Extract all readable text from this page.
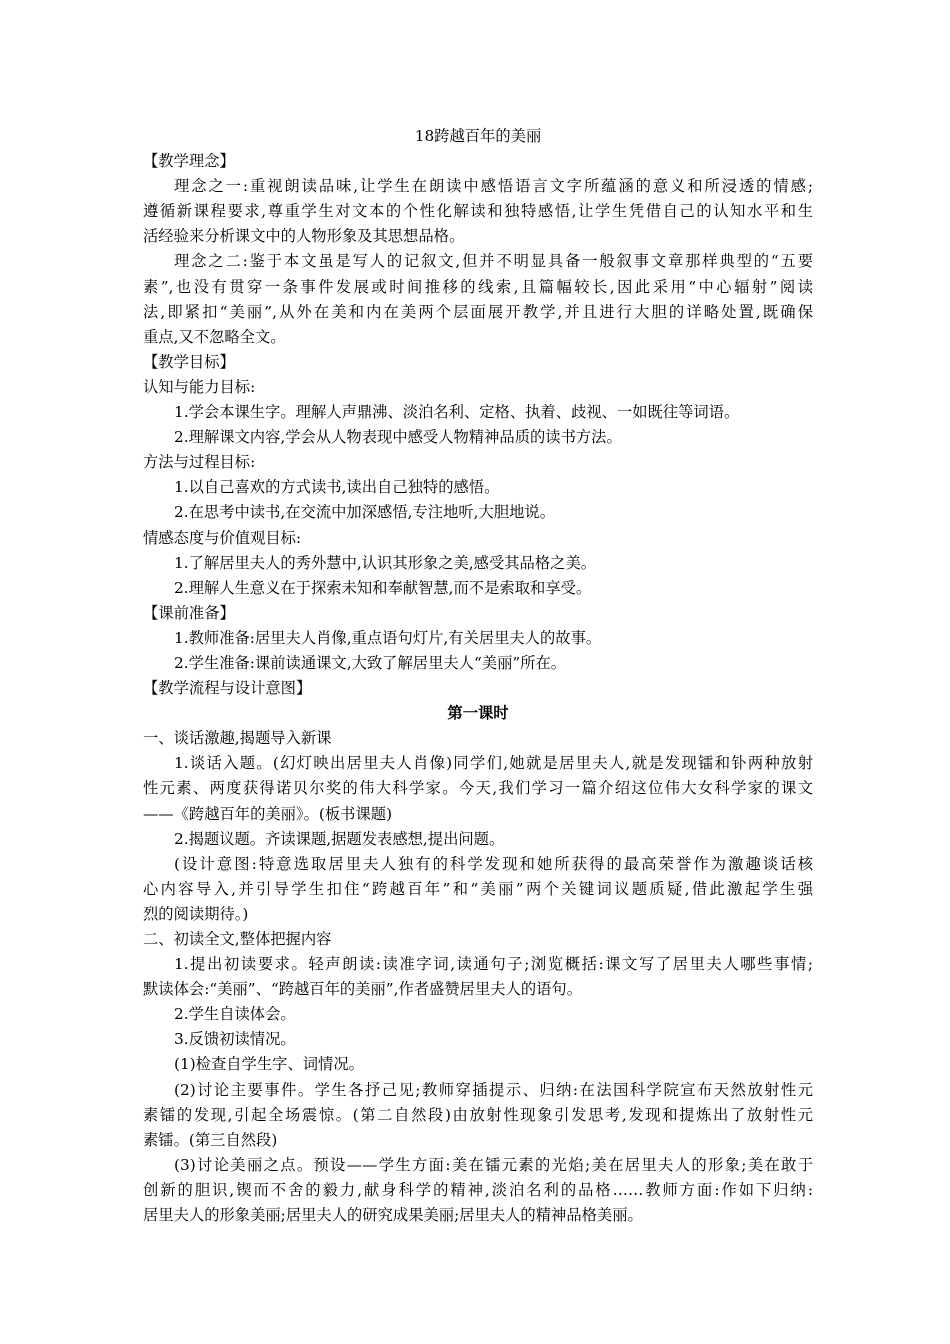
18跨越百年的美丽
【教学理念】
理念之一:重视朗读品味,让学生在朗读中感悟语言文字所蕴涵的意义和所浸透的情感;
遵循新课程要求,尊重学生对文本的个性化解读和独特感悟,让学生凭借自己的认知水平和生
活经验来分析课文中的人物形象及其思想品格。
理念之二:鉴于本文虽是写人的记叙文,但并不明显具备一般叙事文章那样典型的“五要
素”,也没有贯穿一条事件发展或时间推移的线索,且篇幅较长,因此采用“中心辐射”阅读
法,即紧扣“美丽”,从外在美和内在美两个层面展开教学,并且进行大胆的详略处置,既确保
重点,又不忽略全文。
【教学目标】
认知与能力目标:
1.学会本课生字。理解人声鼎沸、淡泊名利、定格、执着、歧视、一如既往等词语。
2.理解课文内容,学会从人物表现中感受人物精神品质的读书方法。
方法与过程目标:
1.以自己喜欢的方式读书,读出自己独特的感悟。
2.在思考中读书,在交流中加深感悟,专注地听,大胆地说。
情感态度与价值观目标:
1.了解居里夫人的秀外慧中,认识其形象之美,感受其品格之美。
2.理解人生意义在于探索未知和奉献智慧,而不是索取和享受。
【课前准备】
1.教师准备:居里夫人肖像,重点语句灯片,有关居里夫人的故事。
2.学生准备:课前读通课文,大致了解居里夫人“美丽”所在。
【教学流程与设计意图】
第一课时
一、谈话激趣,揭题导入新课
1.谈话入题。(幻灯映出居里夫人肖像)同学们,她就是居里夫人,就是发现镭和钋两种放射
性元素、两度获得诺贝尔奖的伟大科学家。今天,我们学习一篇介绍这位伟大女科学家的课文
——《跨越百年的美丽》。(板书课题)
2.揭题议题。齐读课题,据题发表感想,提出问题。
(设计意图:特意选取居里夫人独有的科学发现和她所获得的最高荣誉作为激趣谈话核
心内容导入,并引导学生扣住“跨越百年”和“美丽”两个关键词议题质疑,借此激起学生强
烈的阅读期待。)
二、初读全文,整体把握内容
1.提出初读要求。轻声朗读:读准字词,读通句子;浏览概括:课文写了居里夫人哪些事情;
默读体会:“美丽”、“跨越百年的美丽”,作者盛赞居里夫人的语句。
2.学生自读体会。
3.反馈初读情况。
(1)检查自学生字、词情况。
(2)讨论主要事件。学生各抒己见;教师穿插提示、归纳:在法国科学院宣布天然放射性元
素镭的发现,引起全场震惊。(第二自然段)由放射性现象引发思考,发现和提炼出了放射性元
素镭。(第三自然段)
(3)讨论美丽之点。预设——学生方面:美在镭元素的光焰;美在居里夫人的形象;美在敢于
创新的胆识,锲而不舍的毅力,献身科学的精神,淡泊名利的品格……教师方面:作如下归纳:
居里夫人的形象美丽;居里夫人的研究成果美丽;居里夫人的精神品格美丽。
